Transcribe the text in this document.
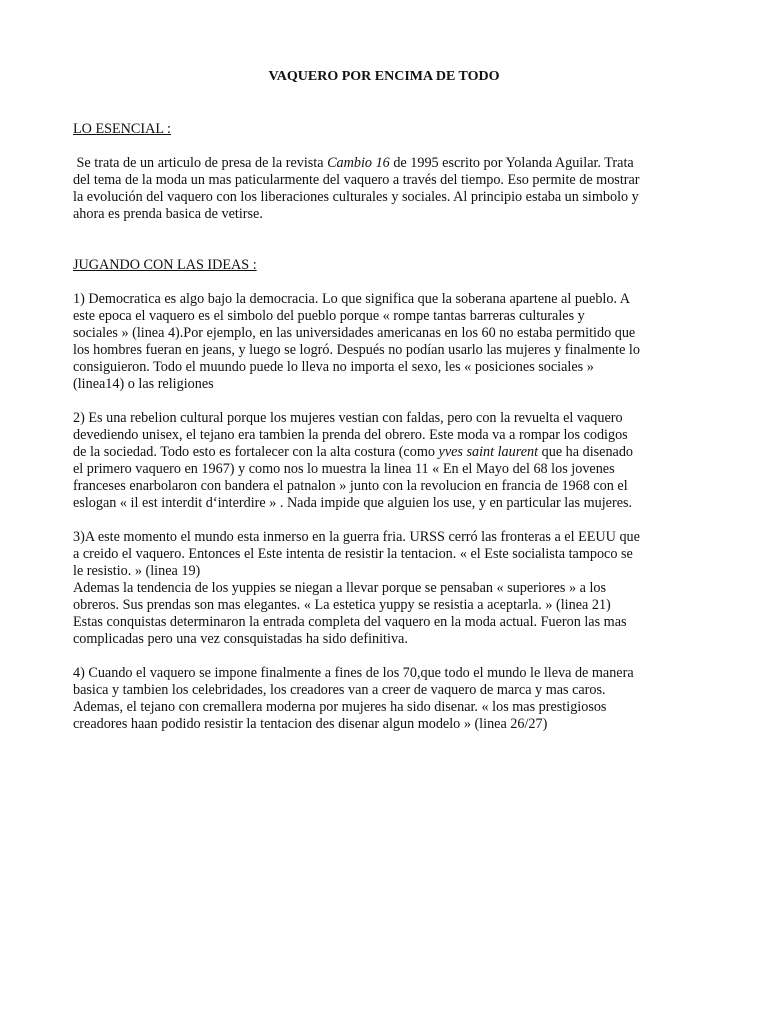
VAQUERO POR ENCIMA DE TODO
LO ESENCIAL :
Se trata de un articulo de presa de la revista Cambio 16 de 1995 escrito por Yolanda Aguilar. Trata
del tema de la moda un mas paticularmente del vaquero a través del tiempo. Eso permite de mostrar
la evolución del vaquero con los liberaciones culturales y sociales. Al principio estaba un simbolo y
ahora es prenda basica de vetirse.
JUGANDO CON LAS IDEAS :
1) Democratica es algo bajo la democracia. Lo que significa que la soberana apartene al pueblo. A
este epoca el vaquero es el simbolo del pueblo porque « rompe tantas barreras culturales y
sociales » (linea 4).Por ejemplo, en las universidades americanas en los 60 no estaba permitido que
los hombres fueran en jeans, y luego se logró. Después no podían usarlo las mujeres y finalmente lo
consiguieron. Todo el muundo puede lo lleva no importa el sexo, les « posiciones sociales »
(linea14) o las religiones
2) Es una rebelion cultural porque los mujeres vestian con faldas, pero con la revuelta el vaquero
devediendo unisex, el tejano era tambien la prenda del obrero. Este moda va a rompar los codigos
de la sociedad. Todo esto es fortalecer con la alta costura (como yves saint laurent que ha disenado
el primero vaquero en 1967) y como nos lo muestra la linea 11 « En el Mayo del 68 los jovenes
franceses enarbolaron con bandera el patnalon » junto con la revolucion en francia de 1968 con el
eslogan « il est interdit d‘interdire » . Nada impide que alguien los use, y en particular las mujeres.
3)A este momento el mundo esta inmerso en la guerra fria. URSS cerró las fronteras a el EEUU que
a creido el vaquero. Entonces el Este intenta de resistir la tentacion. « el Este socialista tampoco se
le resistio. » (linea 19)
Ademas la tendencia de los yuppies se niegan a llevar porque se pensaban « superiores » a los
obreros. Sus prendas son mas elegantes. « La estetica yuppy se resistia a aceptarla. » (linea 21)
Estas conquistas determinaron la entrada completa del vaquero en la moda actual. Fueron las mas
complicadas pero una vez consquistadas ha sido definitiva.
4) Cuando el vaquero se impone finalmente a fines de los 70,que todo el mundo le lleva de manera
basica y tambien los celebridades, los creadores van a creer de vaquero de marca y mas caros.
Ademas, el tejano con cremallera moderna por mujeres ha sido disenar. « los mas prestigiosos
creadores haan podido resistir la tentacion des disenar algun modelo » (linea 26/27)
